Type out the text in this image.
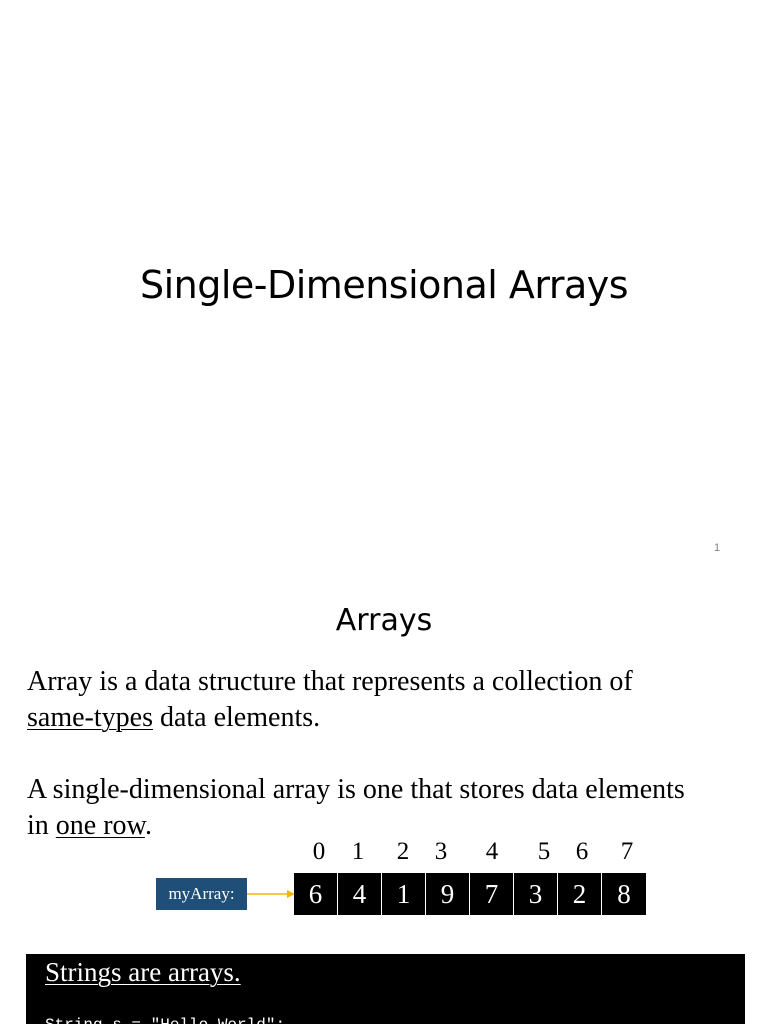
Single-Dimensional Arrays
1
Arrays
Array is a data structure that represents a collection of
same-types data elements.
A single-dimensional array is one that stores data elements
in one row.
0	1	2	3	4	5	6	7
myArray:	6	4	1	9	7	3	2	8
Strings are arrays.
String s = "Hello World";
